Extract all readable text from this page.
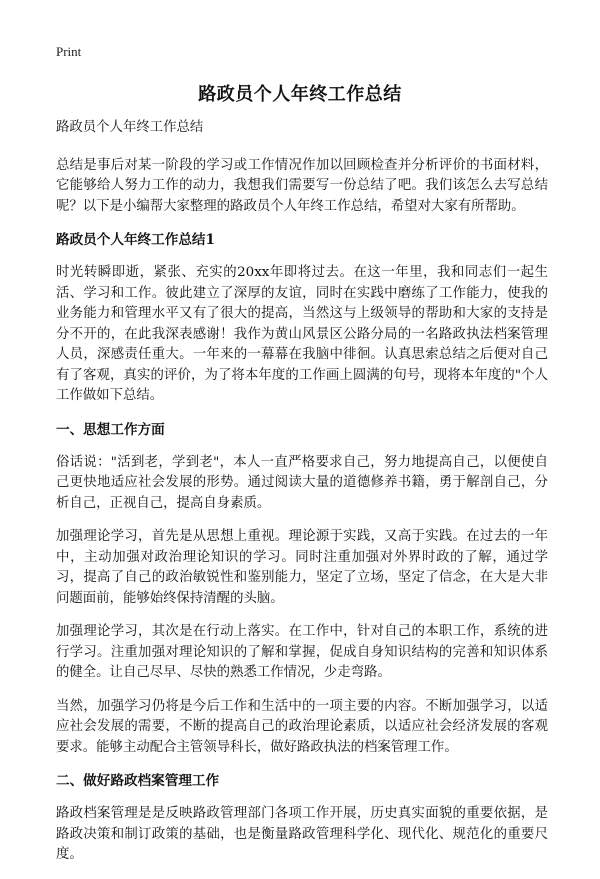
Print
路政员个人年终工作总结

路政员个人年终工作总结

总结是事后对某一阶段的学习或工作情况作加以回顾检查并分析评价的书面材料，它能够给人努力工作的动力，我想我们需要写一份总结了吧。我们该怎么去写总结呢？以下是小编帮大家整理的路政员个人年终工作总结，希望对大家有所帮助。

路政员个人年终工作总结1

时光转瞬即逝，紧张、充实的20xx年即将过去。在这一年里，我和同志们一起生活、学习和工作。彼此建立了深厚的友谊，同时在实践中磨练了工作能力，使我的业务能力和管理水平又有了很大的提高，当然这与上级领导的帮助和大家的支持是分不开的，在此我深表感谢！我作为黄山风景区公路分局的一名路政执法档案管理人员，深感责任重大。一年来的一幕幕在我脑中徘徊。认真思索总结之后便对自己有了客观，真实的评价，为了将本年度的工作画上圆满的句号，现将本年度的"个人工作做如下总结。

一、思想工作方面

俗话说："活到老，学到老"，本人一直严格要求自己，努力地提高自己，以便使自己更快地适应社会发展的形势。通过阅读大量的道德修养书籍，勇于解剖自己，分析自己，正视自己，提高自身素质。

加强理论学习，首先是从思想上重视。理论源于实践，又高于实践。在过去的一年中，主动加强对政治理论知识的学习。同时注重加强对外界时政的了解，通过学习，提高了自己的政治敏锐性和鉴别能力，坚定了立场，坚定了信念，在大是大非问题面前，能够始终保持清醒的头脑。

加强理论学习，其次是在行动上落实。在工作中，针对自己的本职工作，系统的进行学习。注重加强对理论知识的了解和掌握，促成自身知识结构的完善和知识体系的健全。让自己尽早、尽快的熟悉工作情况，少走弯路。

当然，加强学习仍将是今后工作和生活中的一项主要的内容。不断加强学习，以适应社会发展的需要，不断的提高自己的政治理论素质，以适应社会经济发展的客观要求。能够主动配合主管领导科长，做好路政执法的档案管理工作。

二、做好路政档案管理工作

路政档案管理是是反映路政管理部门各项工作开展，历史真实面貌的重要依据，是路政决策和制订政策的基础，也是衡量路政管理科学化、现代化、规范化的重要尺度。
